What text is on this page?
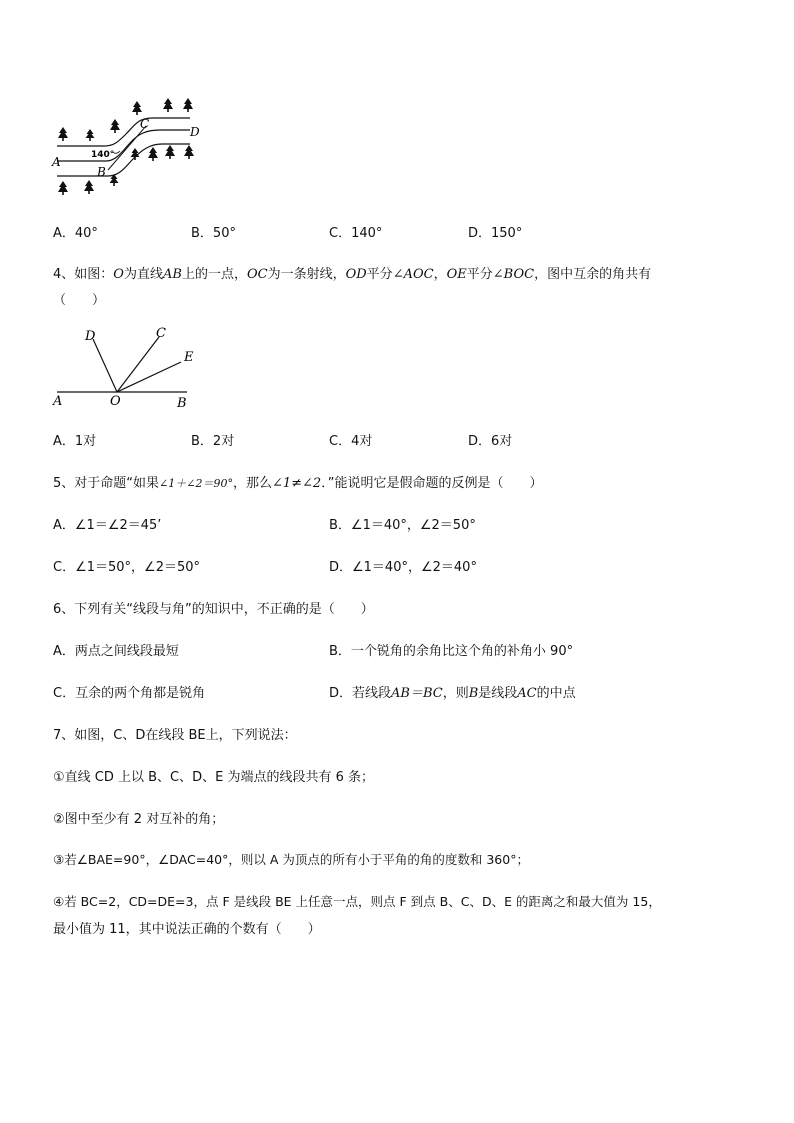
C
D
A
B
140°
A．40°	B．50°	C．140°	D．150°
4、如图：O为直线AB上的一点，OC为一条射线，OD平分∠AOC，OE平分∠BOC，图中互余的角共有
（　　）
D	C
E
A	O	B
A．1对	B．2对	C．4对	D．6对
5、对于命题“如果∠1＋∠2＝90°，那么∠1≠∠2．”能说明它是假命题的反例是（　　）
A．∠1＝∠2＝45’	B．∠1＝40°，∠2＝50°
C．∠1＝50°，∠2＝50°	D．∠1＝40°，∠2＝40°
6、下列有关“线段与角”的知识中，不正确的是（　　）
A．两点之间线段最短	B．一个锐角的余角比这个角的补角小 90°
C．互余的两个角都是锐角	D．若线段AB＝BC，则B是线段AC的中点
7、如图，C、D在线段 BE上，下列说法：
①直线 CD 上以 B、C、D、E 为端点的线段共有 6 条；
②图中至少有 2 对互补的角；
③若∠BAE=90°，∠DAC=40°，则以 A 为顶点的所有小于平角的角的度数和 360°；
④若 BC=2，CD=DE=3，点 F 是线段 BE 上任意一点，则点 F 到点 B、C、D、E 的距离之和最大值为 15，
最小值为 11，其中说法正确的个数有（　　）
